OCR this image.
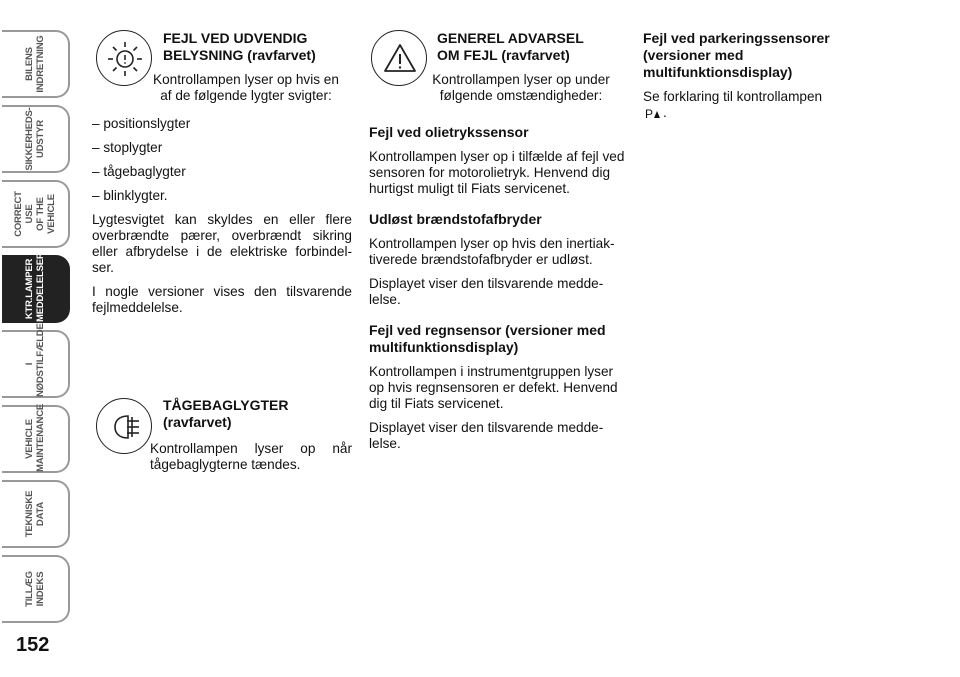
BILENS
INDRETNING
SIKKERHEDS-
UDSTYR
CORRECT USE
OF THE VEHICLE
KTR.LAMPER
MEDDELELSER
I
NØDSTILFÆLDE
VEHICLE
MAINTENANCE
TEKNISKE DATA
TILLÆG
INDEKS
152
FEJL VED UDVENDIG
BELYSNING (ravfarvet)
Kontrollampen lyser op hvis en
af de følgende lygter svigter:

– positionslygter

– stoplygter

– tågebaglygter

– blinklygter.

Lygtesvigtet kan skyldes en eller flere overbrændte pærer, overbrændt sikring eller afbrydelse i de elektriske forbindel-ser.

I nogle versioner vises den tilsvarende fejlmeddelelse.

TÅGEBAGLYGTER
(ravfarvet)
Kontrollampen lyser op når
tågebaglygterne tændes.
GENEREL ADVARSEL
OM FEJL (ravfarvet)
Kontrollampen lyser op under
følgende omstændigheder:
Fejl ved olietrykssensor

Kontrollampen lyser op i tilfælde af fejl ved sensoren for motorolietryk. Henvend dig hurtigst muligt til Fiats servicenet.

Udløst brændstofafbryder

Kontrollampen lyser op hvis den inertiak-tiverede brændstofafbryder er udløst.

Displayet viser den tilsvarende medde-lelse.

Fejl ved regnsensor (versioner med multifunktionsdisplay)

Kontrollampen i instrumentgruppen lyser op hvis regnsensoren er defekt. Henvend dig til Fiats servicenet.

Displayet viser den tilsvarende medde-lelse.

Fejl ved parkeringssensorer (versioner med multifunktionsdisplay)

Se forklaring til kontrollampen
P .
